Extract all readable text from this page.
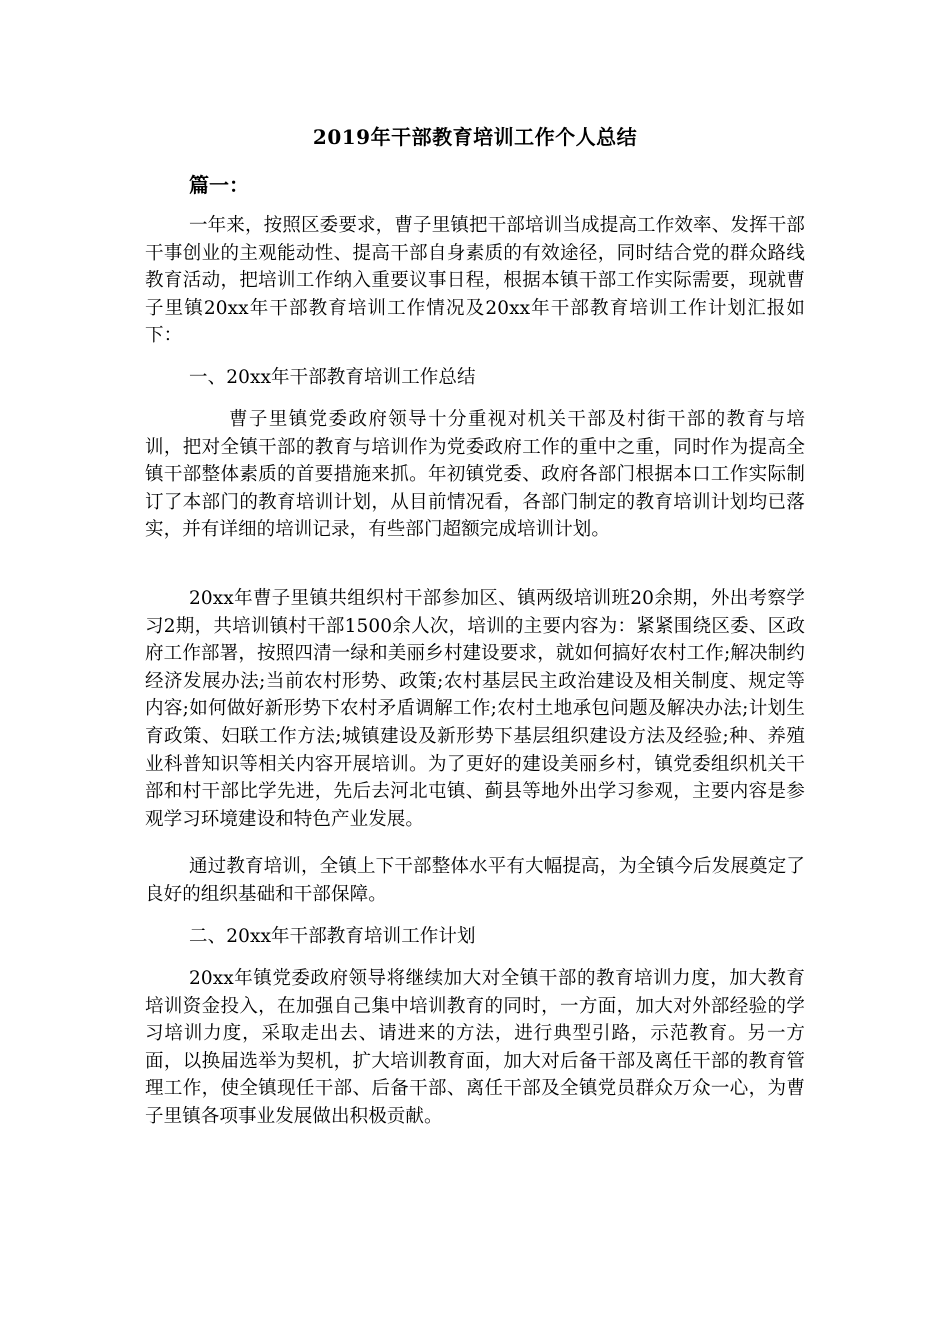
2019年干部教育培训工作个人总结
篇一：
一年来，按照区委要求，曹子里镇把干部培训当成提高工作效率、发挥干部干事创业的主观能动性、提高干部自身素质的有效途径，同时结合党的群众路线教育活动，把培训工作纳入重要议事日程，根据本镇干部工作实际需要，现就曹子里镇20xx年干部教育培训工作情况及20xx年干部教育培训工作计划汇报如下：
一、20xx年干部教育培训工作总结
曹子里镇党委政府领导十分重视对机关干部及村街干部的教育与培训，把对全镇干部的教育与培训作为党委政府工作的重中之重，同时作为提高全镇干部整体素质的首要措施来抓。年初镇党委、政府各部门根据本口工作实际制订了本部门的教育培训计划，从目前情况看，各部门制定的教育培训计划均已落实，并有详细的培训记录，有些部门超额完成培训计划。
20xx年曹子里镇共组织村干部参加区、镇两级培训班20余期，外出考察学习2期，共培训镇村干部1500余人次，培训的主要内容为：紧紧围绕区委、区政府工作部署，按照四清一绿和美丽乡村建设要求，就如何搞好农村工作;解决制约经济发展办法;当前农村形势、政策;农村基层民主政治建设及相关制度、规定等内容;如何做好新形势下农村矛盾调解工作;农村土地承包问题及解决办法;计划生育政策、妇联工作方法;城镇建设及新形势下基层组织建设方法及经验;种、养殖业科普知识等相关内容开展培训。为了更好的建设美丽乡村，镇党委组织机关干部和村干部比学先进，先后去河北屯镇、蓟县等地外出学习参观，主要内容是参观学习环境建设和特色产业发展。
通过教育培训，全镇上下干部整体水平有大幅提高，为全镇今后发展奠定了良好的组织基础和干部保障。
二、20xx年干部教育培训工作计划
20xx年镇党委政府领导将继续加大对全镇干部的教育培训力度，加大教育培训资金投入，在加强自己集中培训教育的同时，一方面，加大对外部经验的学习培训力度，采取走出去、请进来的方法，进行典型引路，示范教育。另一方面，以换届选举为契机，扩大培训教育面，加大对后备干部及离任干部的教育管理工作，使全镇现任干部、后备干部、离任干部及全镇党员群众万众一心，为曹子里镇各项事业发展做出积极贡献。
